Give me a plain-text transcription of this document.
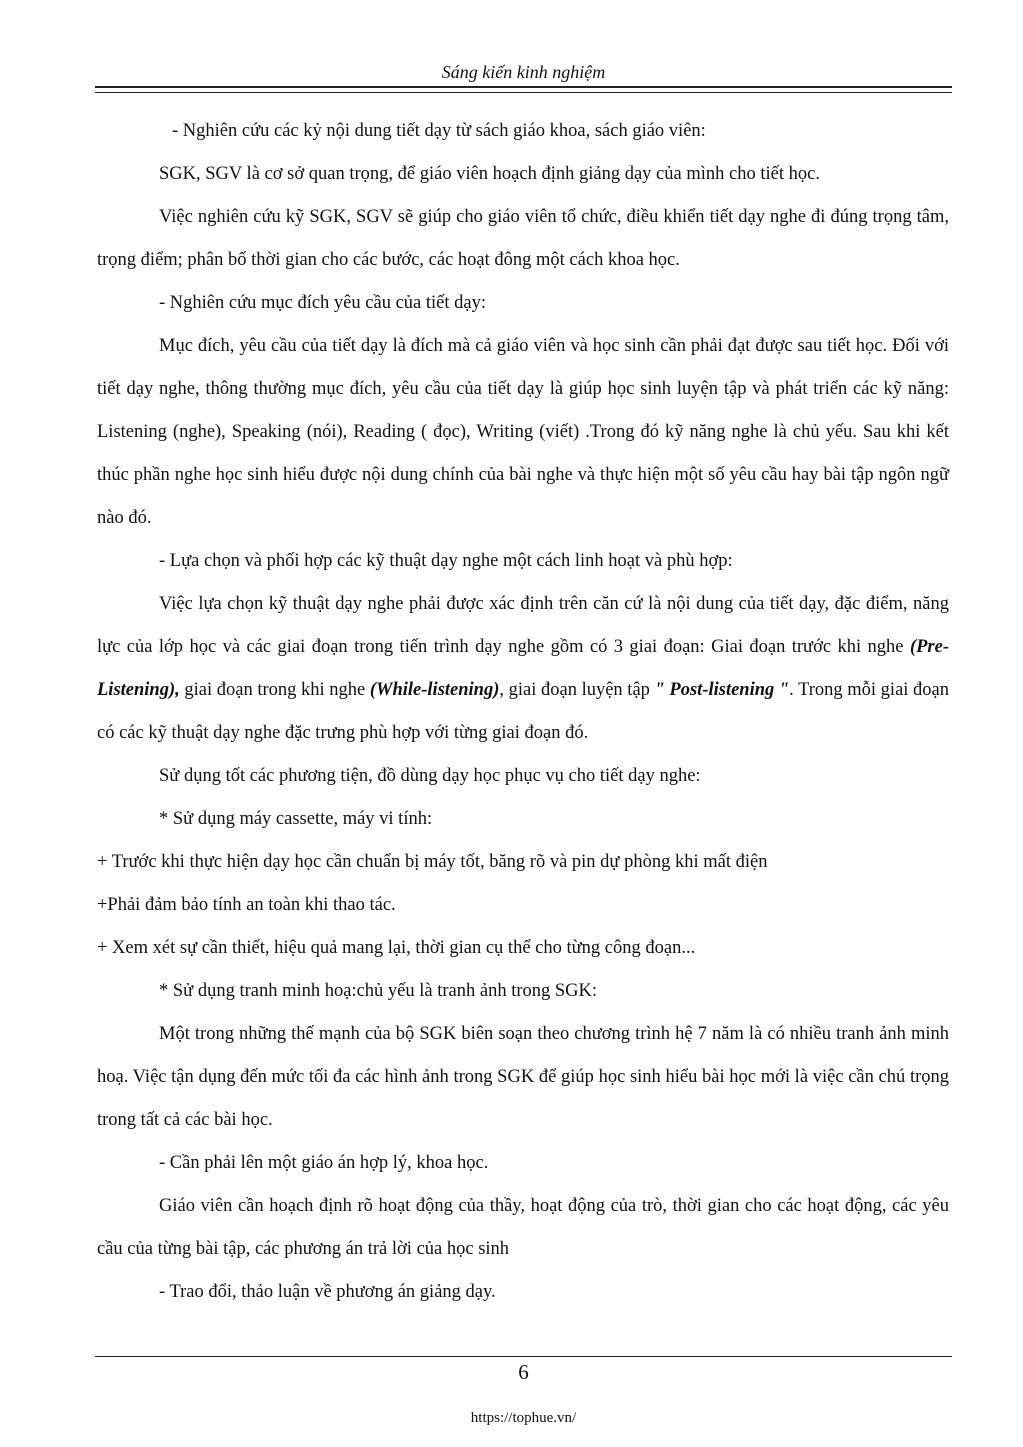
Sáng kiến kinh nghiệm

- Nghiên cứu các kỷ nội dung tiết dạy từ sách giáo khoa, sách giáo viên:

SGK, SGV là cơ sở quan trọng, để giáo viên hoạch định giảng dạy của mình cho tiết học.

Việc nghiên cứu kỹ SGK, SGV sẽ giúp cho giáo viên tổ chức, điều khiển tiết dạy nghe đi đúng trọng tâm, trọng điểm; phân bố thời gian cho các bước, các hoạt đông một cách khoa học.

- Nghiên cứu mục đích yêu cầu của tiết dạy:

Mục đích, yêu cầu của tiết dạy là đích mà cả giáo viên và học sinh cần phải đạt được sau tiết học. Đối với tiết dạy nghe, thông thường mục đích, yêu cầu của tiết dạy là giúp học sinh luyện tập và phát triển các kỹ năng: Listening (nghe), Speaking (nói), Reading ( đọc), Writing (viết) .Trong đó kỹ năng nghe là chủ yếu. Sau khi kết thúc phần nghe học sinh hiểu được nội dung chính của bài nghe và thực hiện một số yêu cầu hay bài tập ngôn ngữ nào đó.

- Lựa chọn và phối hợp các kỹ thuật dạy nghe một cách linh hoạt và phù hợp:

Việc lựa chọn kỹ thuật dạy nghe phải được xác định trên căn cứ là nội dung của tiết dạy, đặc điểm, năng lực của lớp học và các giai đoạn trong tiến trình dạy nghe gồm có 3 giai đoạn: Giai đoạn trước khi nghe (Pre-Listening), giai đoạn trong khi nghe (While-listening), giai đoạn luyện tập " Post-listening ". Trong mỗi giai đoạn có các kỹ thuật dạy nghe đặc trưng phù hợp với từng giai đoạn đó.

Sử dụng tốt các phương tiện, đồ dùng dạy học phục vụ cho tiết dạy nghe:

* Sử dụng máy cassette, máy vi tính:

+ Trước khi thực hiện dạy học cần chuẩn bị máy tốt, băng rõ và pin dự phòng khi mất điện

+Phải đảm bảo tính an toàn khi thao tác.

+ Xem xét sự cần thiết, hiệu quả mang lại, thời gian cụ thể cho từng công đoạn...

* Sử dụng tranh minh hoạ:chủ yếu là tranh ảnh trong SGK:

Một trong những thế mạnh của bộ SGK biên soạn theo chương trình hệ 7 năm là có nhiều tranh ảnh minh hoạ. Việc tận dụng đến mức tối đa các hình ảnh trong SGK để giúp học sinh hiểu bài học mới là việc cần chú trọng trong tất cả các bài học.

- Cần phải lên một giáo án hợp lý, khoa học.

Giáo viên cần hoạch định rõ hoạt động của thầy, hoạt động của trò, thời gian cho các hoạt động, các yêu cầu của từng bài tập, các phương án trả lời của học sinh

- Trao đổi, thảo luận về phương án giảng dạy.

6
https://tophue.vn/
